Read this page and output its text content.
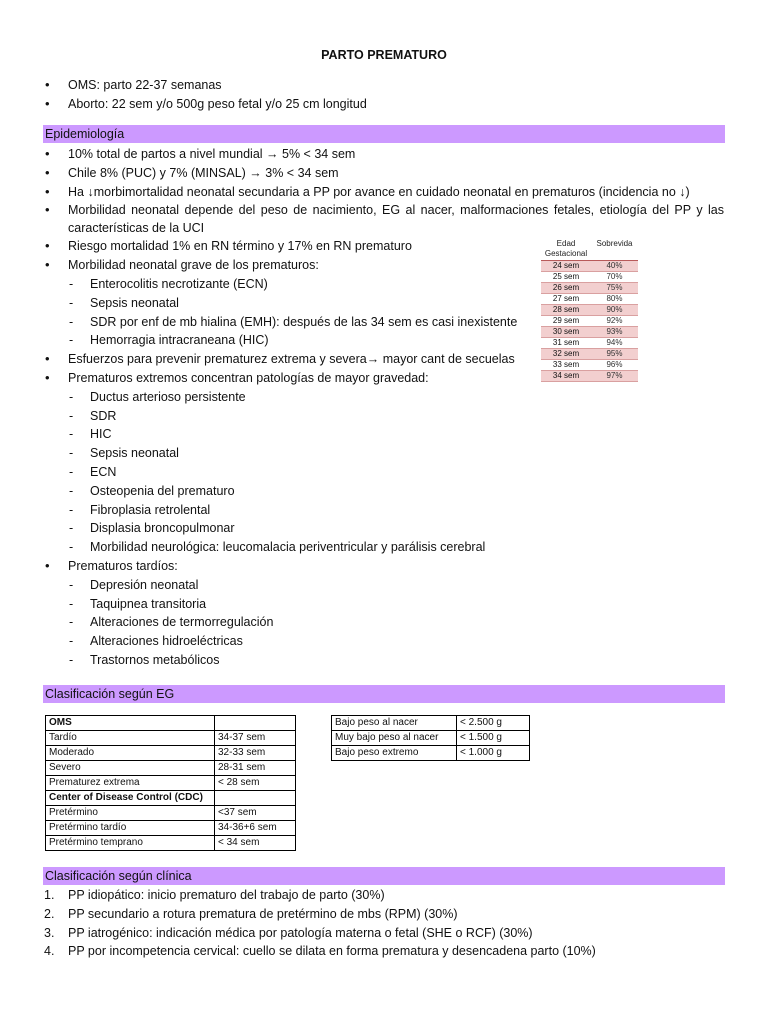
PARTO PREMATURO
• OMS: parto 22-37 semanas
• Aborto: 22 sem y/o 500g peso fetal y/o 25 cm longitud
Epidemiología
• 10% total de partos a nivel mundial → 5% < 34 sem
• Chile 8% (PUC) y 7% (MINSAL) → 3% < 34 sem
• Ha ↓morbimortalidad neonatal secundaria a PP por avance en cuidado neonatal en prematuros (incidencia no ↓)
• Morbilidad neonatal depende del peso de nacimiento, EG al nacer, malformaciones fetales, etiología del PP y las características de la UCI
• Riesgo mortalidad 1% en RN término y 17% en RN prematuro
• Morbilidad neonatal grave de los prematuros:
- Enterocolitis necrotizante (ECN)
- Sepsis neonatal
- SDR por enf de mb hialina (EMH): después de las 34 sem es casi inexistente
- Hemorragia intracraneana (HIC)
• Esfuerzos para prevenir prematurez extrema y severa→ mayor cant de secuelas
• Prematuros extremos concentran patologías de mayor gravedad:
- Ductus arterioso persistente
- SDR
- HIC
- Sepsis neonatal
- ECN
- Osteopenia del prematuro
- Fibroplasia retrolental
- Displasia broncopulmonar
- Morbilidad neurológica: leucomalacia periventricular y parálisis cerebral
• Prematuros tardíos:
- Depresión neonatal
- Taquipnea transitoria
- Alteraciones de termorregulación
- Alteraciones hidroeléctricas
- Trastornos metabólicos
Edad Gestacional	Sobrevida
24 sem	40%
25 sem	70%
26 sem	75%
27 sem	80%
28 sem	90%
29 sem	92%
30 sem	93%
31 sem	94%
32 sem	95%
33 sem	96%
34 sem	97%
Clasificación según EG
OMS	
Tardío	34-37 sem
Moderado	32-33 sem
Severo	28-31 sem
Prematurez extrema	< 28 sem
Center of Disease Control (CDC)	
Pretérmino	<37 sem
Pretérmino tardío	34-36+6 sem
Pretérmino temprano	< 34 sem
Bajo peso al nacer	< 2.500 g
Muy bajo peso al nacer	< 1.500 g
Bajo peso extremo	< 1.000 g
Clasificación según clínica
1. PP idiopático: inicio prematuro del trabajo de parto (30%)
2. PP secundario a rotura prematura de pretérmino de mbs (RPM) (30%)
3. PP iatrogénico: indicación médica por patología materna o fetal (SHE o RCF) (30%)
4. PP por incompetencia cervical: cuello se dilata en forma prematura y desencadena parto (10%)
